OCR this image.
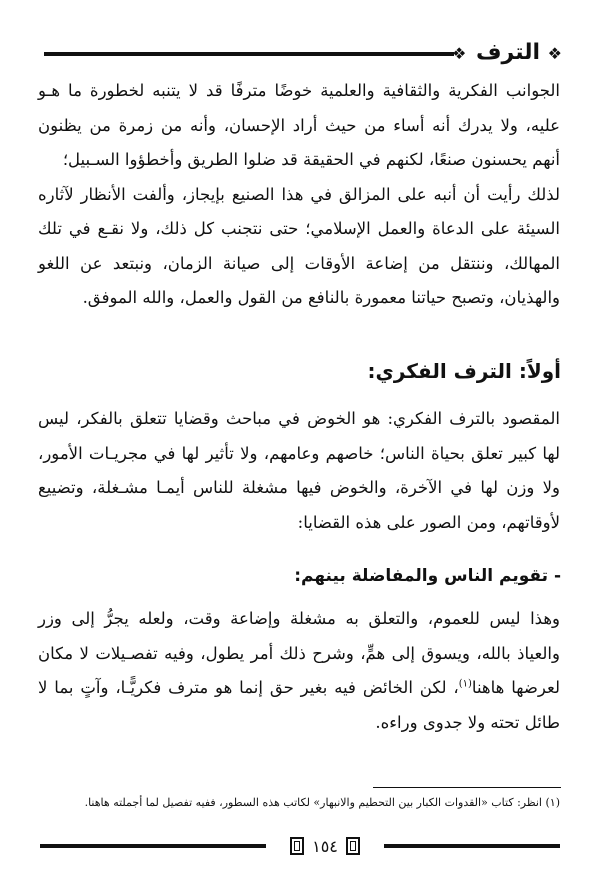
❖ الترف ❖

الجوانب الفكرية والثقافية والعلمية خوضًا مترفًا قد لا يتنبه لخطورة ما هـو عليه، ولا يدرك أنه أساء من حيث أراد الإحسان، وأنه من زمرة من يظنون أنهم يحسنون صنعًا، لكنهم في الحقيقة قد ضلوا الطريق وأخطؤوا السـبيل؛

لذلك رأيت أن أنبه على المزالق في هذا الصنيع بإيجاز، وألفت الأنظار لآثاره السيئة على الدعاة والعمل الإسلامي؛ حتى نتجنب كل ذلك، ولا نقـع في تلك المهالك، وننتقل من إضاعة الأوقات إلى صيانة الزمان، ونبتعد عن اللغو والهذيان، وتصبح حياتنا معمورة بالنافع من القول والعمل، والله الموفق.

أولاً: الترف الفكري:

المقصود بالترف الفكري: هو الخوض في مباحث وقضايا تتعلق بالفكر، ليس لها كبير تعلق بحياة الناس؛ خاصهم وعامهم، ولا تأثير لها في مجريـات الأمور، ولا وزن لها في الآخرة، والخوض فيها مشغلة للناس أيمـا مشـغلة، وتضييع لأوقاتهم، ومن الصور على هذه القضايا:

- تقويم الناس والمفاضلة بينهم:

وهذا ليس للعموم، والتعلق به مشغلة وإضاعة وقت، ولعله يجرُّ إلى وزر والعياذ بالله، ويسوق إلى همٍّ، وشرح ذلك أمر يطول، وفيه تفصـيلات لا مكان لعرضها هاهنا$^{(١)}$، لكن الخائض فيه بغير حق إنما هو مترف فكريًّـا، وآتٍ بما لا طائل تحته ولا جدوى وراءه.

(١) انظر: كتاب «القدوات الكبار بين التحطيم والانبهار» لكاتب هذه السطور، ففيه تفصيل لما أجملته هاهنا.
١٥٤
